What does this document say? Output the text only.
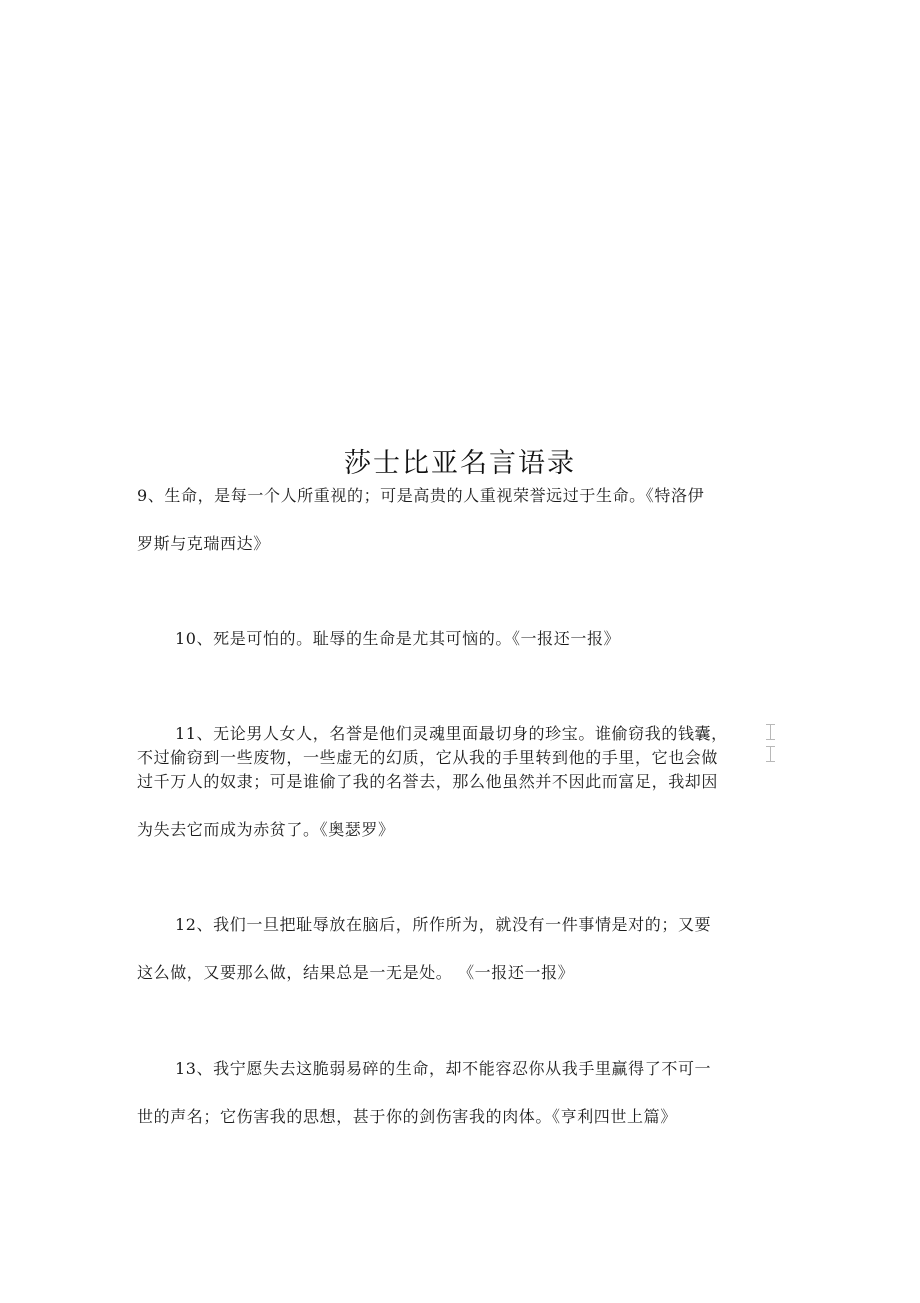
莎士比亚名言语录
9、生命，是每一个人所重视的；可是高贵的人重视荣誉远过于生命。《特洛伊
罗斯与克瑞西达》
10、死是可怕的。耻辱的生命是尤其可恼的。《一报还一报》
11、无论男人女人，名誉是他们灵魂里面最切身的珍宝。谁偷窃我的钱囊，
不过偷窃到一些废物，一些虚无的幻质，它从我的手里转到他的手里，它也会做
过千万人的奴隶；可是谁偷了我的名誉去，那么他虽然并不因此而富足，我却因
为失去它而成为赤贫了。《奥瑟罗》
12、我们一旦把耻辱放在脑后，所作所为，就没有一件事情是对的；又要
这么做，又要那么做，结果总是一无是处。 《一报还一报》
13、我宁愿失去这脆弱易碎的生命，却不能容忍你从我手里赢得了不可一
世的声名；它伤害我的思想，甚于你的剑伤害我的肉体。《亨利四世上篇》
